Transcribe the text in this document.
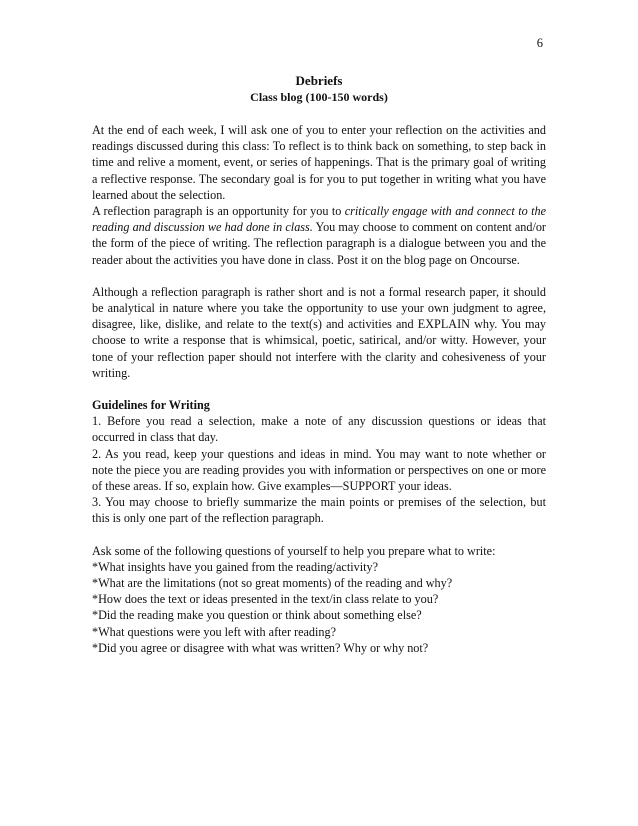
6

Debriefs

Class blog (100-150 words)

At the end of each week, I will ask one of you to enter your reflection on the activities and readings discussed during this class: To reflect is to think back on something, to step back in time and relive a moment, event, or series of happenings. That is the primary goal of writing a reflective response. The secondary goal is for you to put together in writing what you have learned about the selection.

A reflection paragraph is an opportunity for you to critically engage with and connect to the reading and discussion we had done in class. You may choose to comment on content and/or the form of the piece of writing. The reflection paragraph is a dialogue between you and the reader about the activities you have done in class. Post it on the blog page on Oncourse.

Although a reflection paragraph is rather short and is not a formal research paper, it should be analytical in nature where you take the opportunity to use your own judgment to agree, disagree, like, dislike, and relate to the text(s) and activities and EXPLAIN why. You may choose to write a response that is whimsical, poetic, satirical, and/or witty. However, your tone of your reflection paper should not interfere with the clarity and cohesiveness of your writing.

Guidelines for Writing

1. Before you read a selection, make a note of any discussion questions or ideas that occurred in class that day.

2. As you read, keep your questions and ideas in mind. You may want to note whether or note the piece you are reading provides you with information or perspectives on one or more of these areas. If so, explain how. Give examples—SUPPORT your ideas.

3. You may choose to briefly summarize the main points or premises of the selection, but this is only one part of the reflection paragraph.

Ask some of the following questions of yourself to help you prepare what to write:

*What insights have you gained from the reading/activity?

*What are the limitations (not so great moments) of the reading and why?

*How does the text or ideas presented in the text/in class relate to you?

*Did the reading make you question or think about something else?

*What questions were you left with after reading?

*Did you agree or disagree with what was written? Why or why not?
